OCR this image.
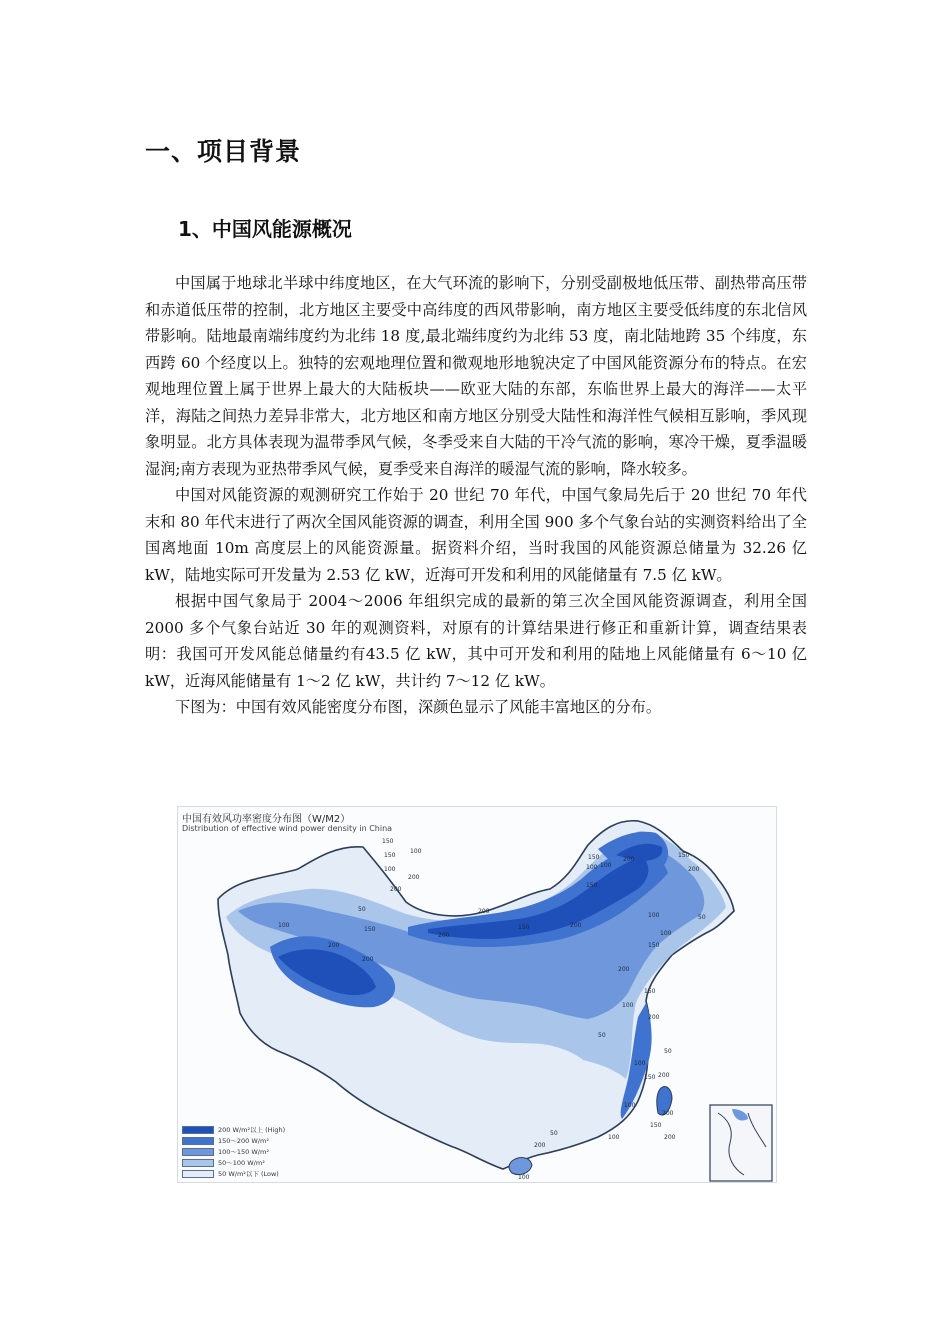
一、项目背景
1、中国风能源概况

中国属于地球北半球中纬度地区，在大气环流的影响下，分别受副极地低压带、副热带高压带和赤道低压带的控制，北方地区主要受中高纬度的西风带影响，南方地区主要受低纬度的东北信风带影响。陆地最南端纬度约为北纬 18 度,最北端纬度约为北纬 53 度，南北陆地跨 35 个纬度，东西跨 60 个经度以上。独特的宏观地理位置和微观地形地貌决定了中国风能资源分布的特点。在宏观地理位置上属于世界上最大的大陆板块——欧亚大陆的东部，东临世界上最大的海洋——太平洋，海陆之间热力差异非常大，北方地区和南方地区分别受大陆性和海洋性气候相互影响，季风现象明显。北方具体表现为温带季风气候，冬季受来自大陆的干冷气流的影响，寒冷干燥，夏季温暖湿润;南方表现为亚热带季风气候，夏季受来自海洋的暖湿气流的影响，降水较多。

中国对风能资源的观测研究工作始于 20 世纪 70 年代，中国气象局先后于 20 世纪 70 年代末和 80 年代末进行了两次全国风能资源的调查，利用全国 900 多个气象台站的实测资料给出了全国离地面 10m 高度层上的风能资源量。据资料介绍，当时我国的风能资源总储量为 32.26 亿 kW，陆地实际可开发量为 2.53 亿 kW，近海可开发和利用的风能储量有 7.5 亿 kW。

根据中国气象局于 2004～2006 年组织完成的最新的第三次全国风能资源调查，利用全国 2000 多个气象台站近 30 年的观测资料，对原有的计算结果进行修正和重新计算，调查结果表明：我国可开发风能总储量约有43.5 亿 kW，其中可开发和利用的陆地上风能储量有 6～10 亿 kW，近海风能储量有 1～2 亿 kW，共计约 7～12 亿 kW。

下图为：中国有效风能密度分布图，深颜色显示了风能丰富地区的分布。

中国有效风功率密度分布图（W/M2）
Distribution of effective wind power density in China
150
100
150
100
200
200
150
100
150
100
200
150
200
100	50
100
150
200
150
100
50
200
50
100
150 200
100
200
150
200
100
50
200
100
100
200
200
50
150
200
200
150	200
200 W/m²以上 (High)
150～200 W/m²
100～150 W/m²
50～100 W/m²
50 W/m²以下 (Low)
